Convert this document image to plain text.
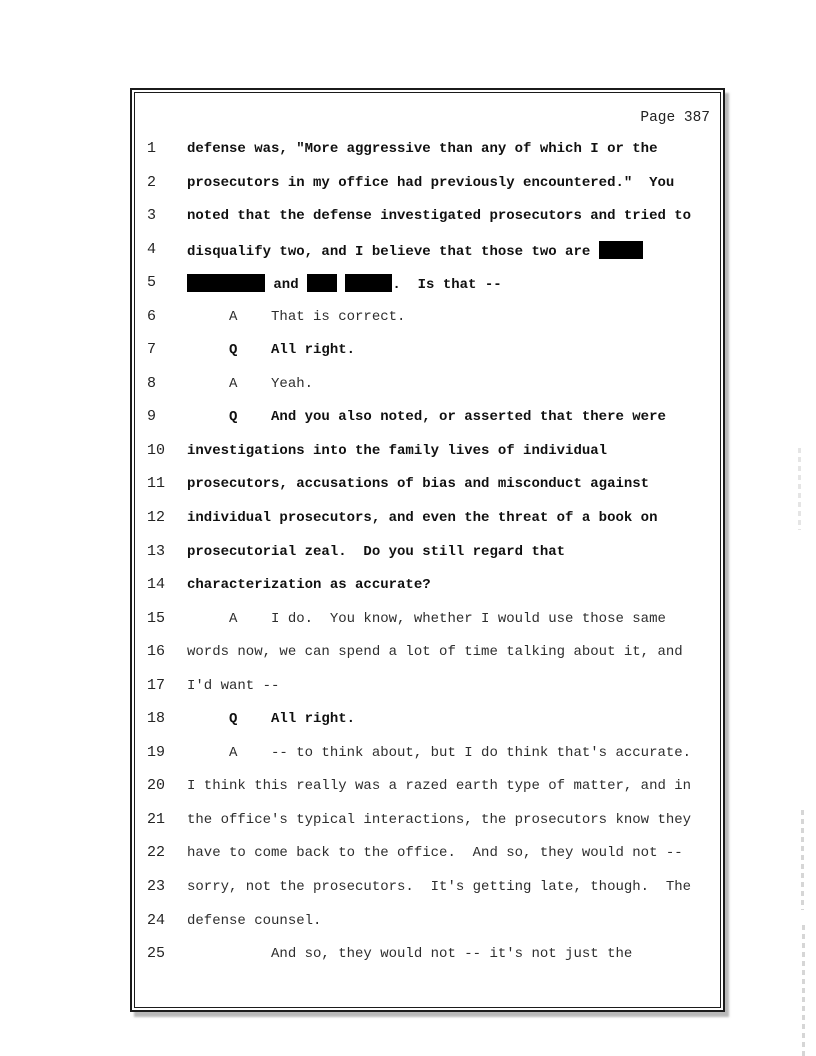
Page 387
1 defense was, "More aggressive than any of which I or the
2 prosecutors in my office had previously encountered."  You
3 noted that the defense investigated prosecutors and tried to
4 disqualify two, and I believe that those two are
5	and	.  Is that --
6 A    That is correct.
7 Q    All right.
8 A    Yeah.
9 Q    And you also noted, or asserted that there were
10 investigations into the family lives of individual
11 prosecutors, accusations of bias and misconduct against
12 individual prosecutors, and even the threat of a book on
13 prosecutorial zeal.  Do you still regard that
14 characterization as accurate?
15 A    I do.  You know, whether I would use those same
16 words now, we can spend a lot of time talking about it, and
17 I'd want --
18 Q    All right.
19 A    -- to think about, but I do think that's accurate.
20 I think this really was a razed earth type of matter, and in
21 the office's typical interactions, the prosecutors know they
22 have to come back to the office.  And so, they would not --
23 sorry, not the prosecutors.  It's getting late, though.  The
24 defense counsel.
25 And so, they would not -- it's not just the
